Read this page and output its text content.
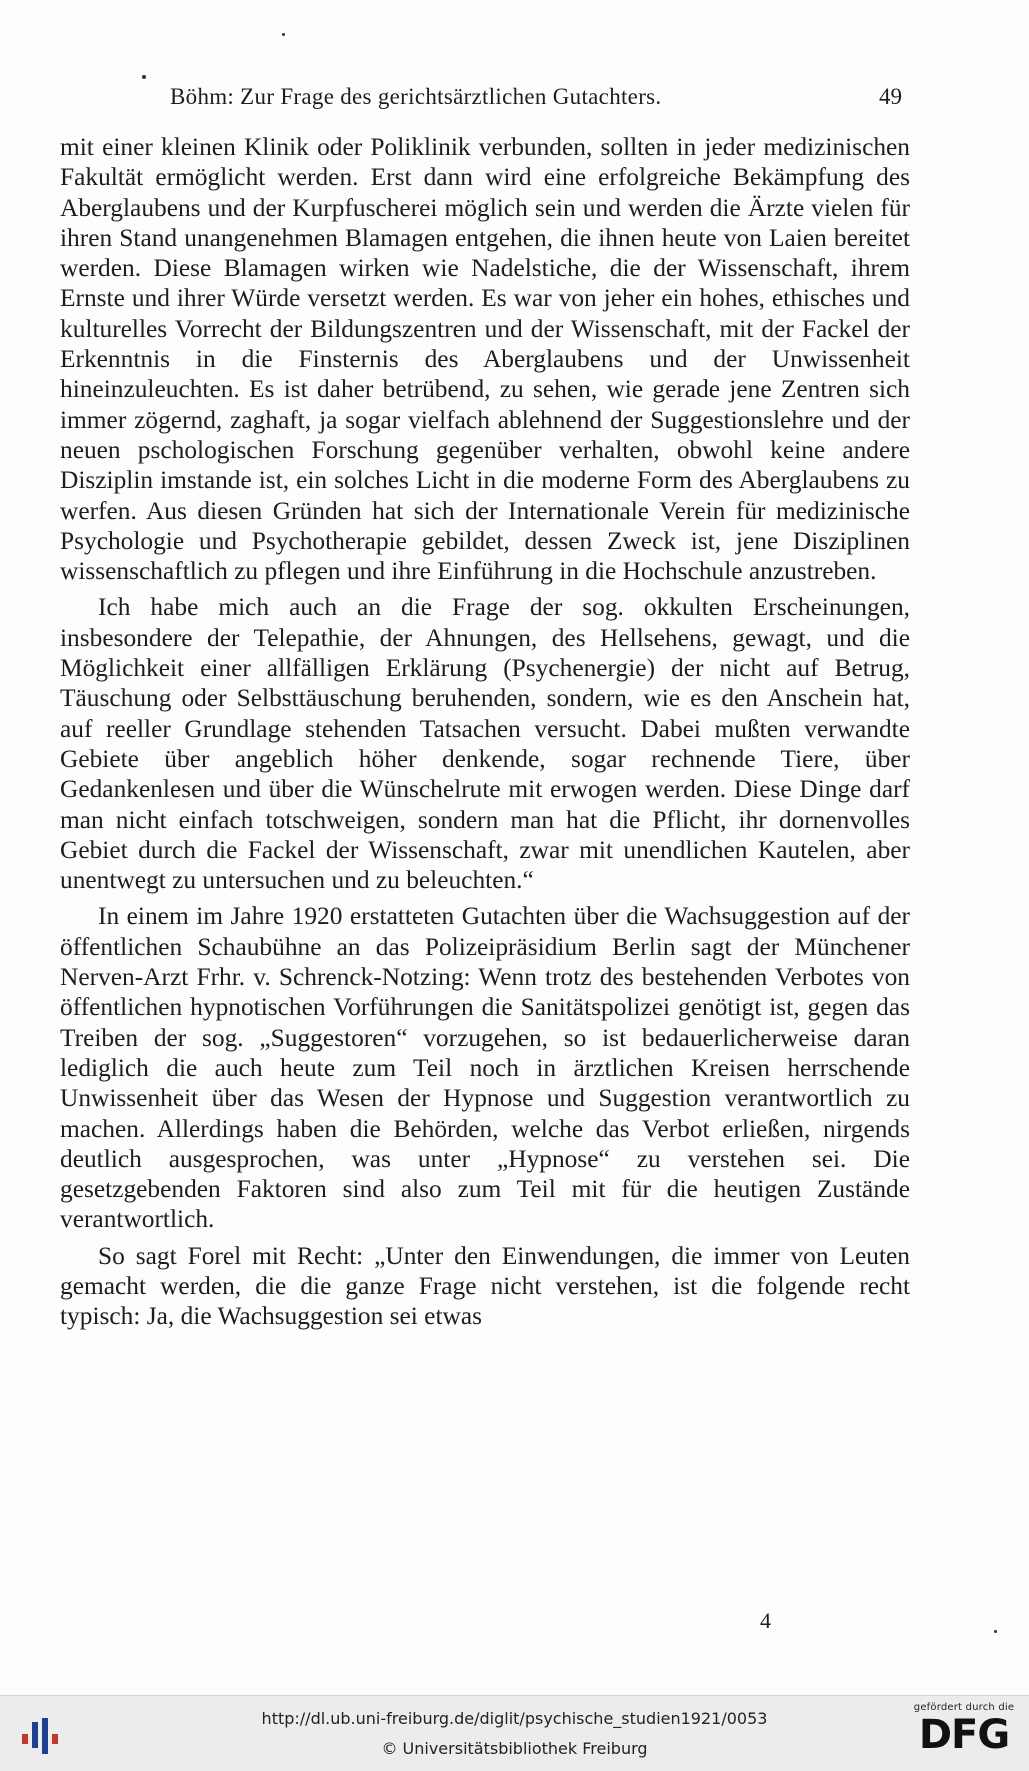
Böhm: Zur Frage des gerichtsärztlichen Gutachters.	49

mit einer kleinen Klinik oder Poliklinik verbunden, sollten in jeder medizinischen Fakultät ermöglicht werden. Erst dann wird eine erfolgreiche Bekämpfung des Aberglaubens und der Kurpfuscherei möglich sein und werden die Ärzte vielen für ihren Stand unangenehmen Blamagen entgehen, die ihnen heute von Laien bereitet werden. Diese Blamagen wirken wie Nadelstiche, die der Wissenschaft, ihrem Ernste und ihrer Würde versetzt werden. Es war von jeher ein hohes, ethisches und kulturelles Vorrecht der Bildungszentren und der Wissenschaft, mit der Fackel der Erkenntnis in die Finsternis des Aberglaubens und der Unwissenheit hineinzuleuchten. Es ist daher betrübend, zu sehen, wie gerade jene Zentren sich immer zögernd, zaghaft, ja sogar vielfach ablehnend der Suggestionslehre und der neuen pschologischen Forschung gegenüber verhalten, obwohl keine andere Disziplin imstande ist, ein solches Licht in die moderne Form des Aberglaubens zu werfen. Aus diesen Gründen hat sich der Internationale Verein für medizinische Psychologie und Psychotherapie gebildet, dessen Zweck ist, jene Disziplinen wissenschaftlich zu pflegen und ihre Einführung in die Hochschule anzustreben.

Ich habe mich auch an die Frage der sog. okkulten Erscheinungen, insbesondere der Telepathie, der Ahnungen, des Hellsehens, gewagt, und die Möglichkeit einer allfälligen Erklärung (Psychenergie) der nicht auf Betrug, Täuschung oder Selbsttäuschung beruhenden, sondern, wie es den Anschein hat, auf reeller Grundlage stehenden Tatsachen versucht. Dabei mußten verwandte Gebiete über angeblich höher denkende, sogar rechnende Tiere, über Gedankenlesen und über die Wünschelrute mit erwogen werden. Diese Dinge darf man nicht einfach totschweigen, sondern man hat die Pflicht, ihr dornenvolles Gebiet durch die Fackel der Wissenschaft, zwar mit unendlichen Kautelen, aber unentwegt zu untersuchen und zu beleuchten.“

In einem im Jahre 1920 erstatteten Gutachten über die Wachsuggestion auf der öffentlichen Schaubühne an das Polizeipräsidium Berlin sagt der Münchener Nerven-Arzt Frhr. v. Schrenck-Notzing: Wenn trotz des bestehenden Verbotes von öffentlichen hypnotischen Vorführungen die Sanitätspolizei genötigt ist, gegen das Treiben der sog. „Suggestoren“ vorzugehen, so ist bedauerlicherweise daran lediglich die auch heute zum Teil noch in ärztlichen Kreisen herrschende Unwissenheit über das Wesen der Hypnose und Suggestion verantwortlich zu machen. Allerdings haben die Behörden, welche das Verbot erließen, nirgends deutlich ausgesprochen, was unter „Hypnose“ zu verstehen sei. Die gesetzgebenden Faktoren sind also zum Teil mit für die heutigen Zustände verantwortlich.

So sagt Forel mit Recht: „Unter den Einwendungen, die immer von Leuten gemacht werden, die die ganze Frage nicht verstehen, ist die folgende recht typisch: Ja, die Wachsuggestion sei etwas

4
http://dl.ub.uni-freiburg.de/diglit/psychische_studien1921/0053
© Universitätsbibliothek Freiburg
gefördert durch die
DFG
